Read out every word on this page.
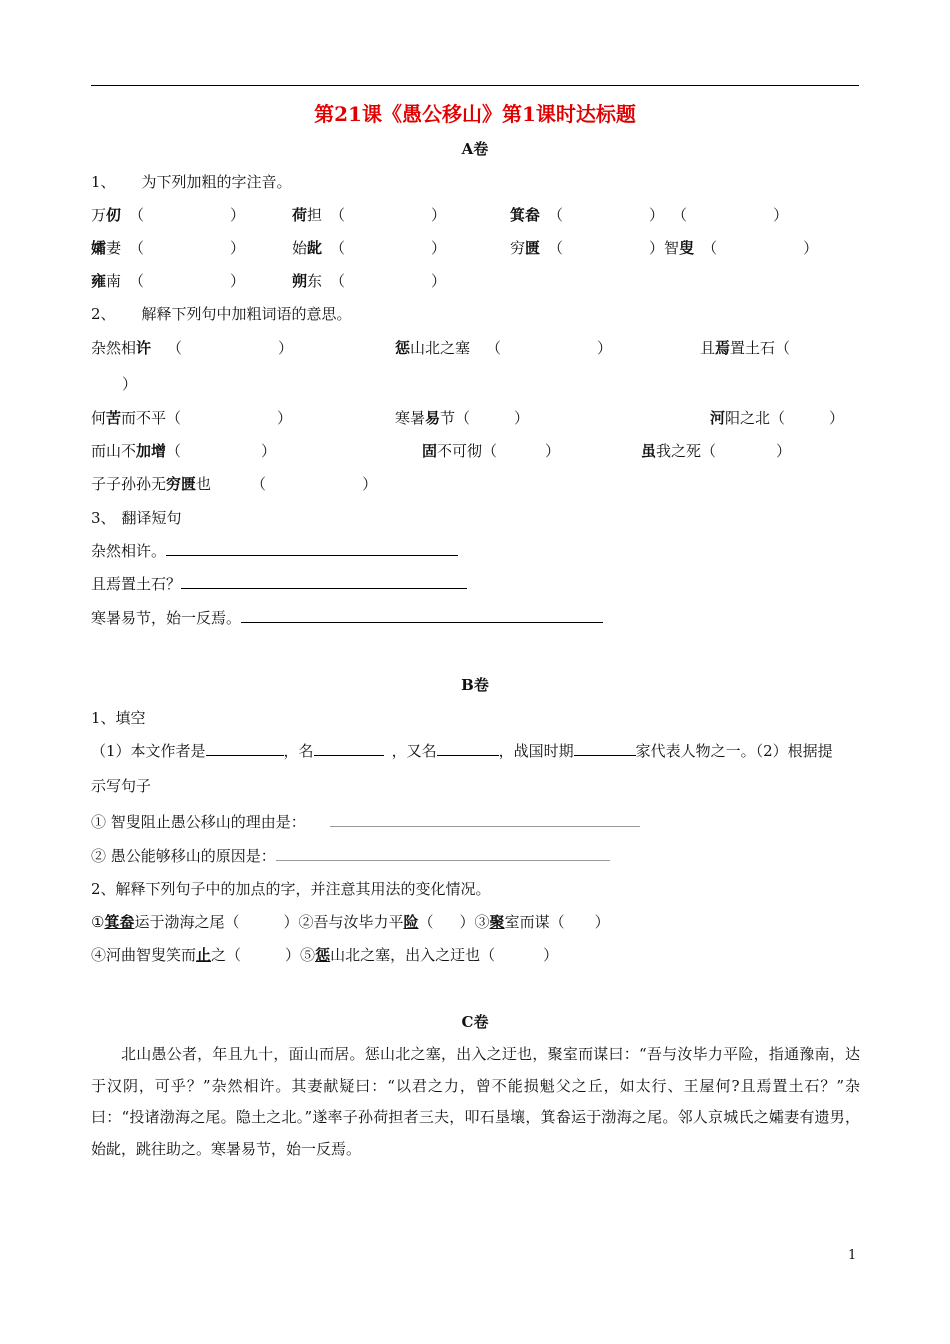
第21课《愚公移山》第1课时达标题
A卷
1、 为下列加粗的字注音。
万仞 （	）	荷担 （	）	箕畚 （	） （	）
孀妻 （	）	始龀 （	）	穷匮 （	）智叟 （	）
雍南 （	）	朔东 （	）
2、 解释下列句中加粗词语的意思。
杂然相许 （	）	惩山北之塞 （	）	且焉置土石（
）
何苦而不平（	）	寒暑易节（	）	河阳之北（	）
而山不加增（	）	固不可彻（	）	虽我之死（	）
子子孙孙无穷匮也	（	）
3、 翻译短句
杂然相许。
且焉置土石？
寒暑易节，始一反焉。
B卷
1、填空
（1）本文作者是	，名	，又名	，战国时期	家代表人物之一。（2）根据提
示写句子
① 智叟阻止愚公移山的理由是：
② 愚公能够移山的原因是：
2、解释下列句子中的加点的字，并注意其用法的变化情况。
①箕畚运于渤海之尾（	）②吾与汝毕力平险（ ）③聚室而谋（ ）
④河曲智叟笑而止之（	）⑤惩山北之塞，出入之迂也（	）
C卷
北山愚公者，年且九十，面山而居。惩山北之塞，出入之迂也，聚室而谋曰：“吾与汝毕力平险，指通豫南，达于汉阴，可乎？”杂然相许。其妻献疑曰：“以君之力，曾不能损魁父之丘，如太行、王屋何?且焉置土石？”杂曰：“投诸渤海之尾。隐土之北。”遂率子孙荷担者三夫，叩石垦壤，箕畚运于渤海之尾。邻人京城氏之孀妻有遗男，始龀，跳往助之。寒暑易节，始一反焉。
1
